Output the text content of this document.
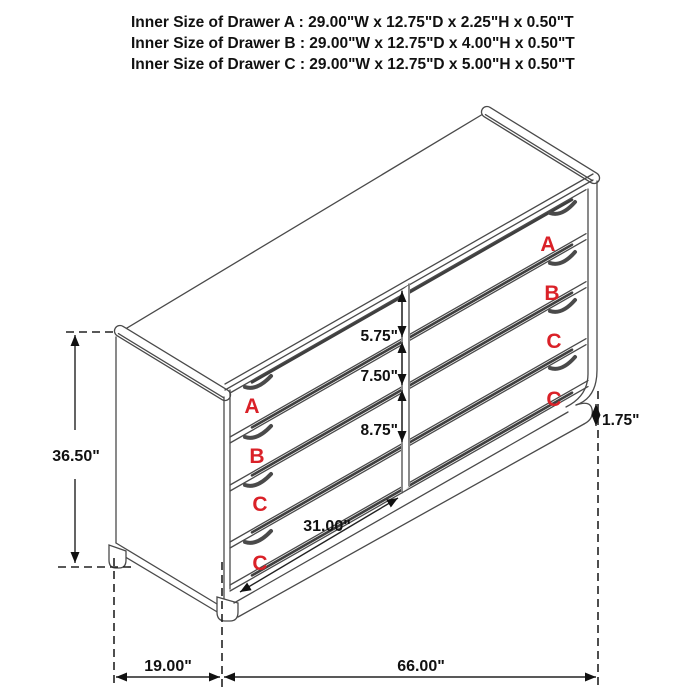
Inner Size of Drawer A : 29.00"W x 12.75"D x 2.25"H x 0.50"T
Inner Size of Drawer B : 29.00"W x 12.75"D x 4.00"H x 0.50"T
Inner Size of Drawer C : 29.00"W x 12.75"D x 5.00"H x 0.50"T
36.50"
19.00"	66.00"
1.75"
5.75"
7.50"
8.75"
31.00"
A
B
C
C
A
B
C
C
